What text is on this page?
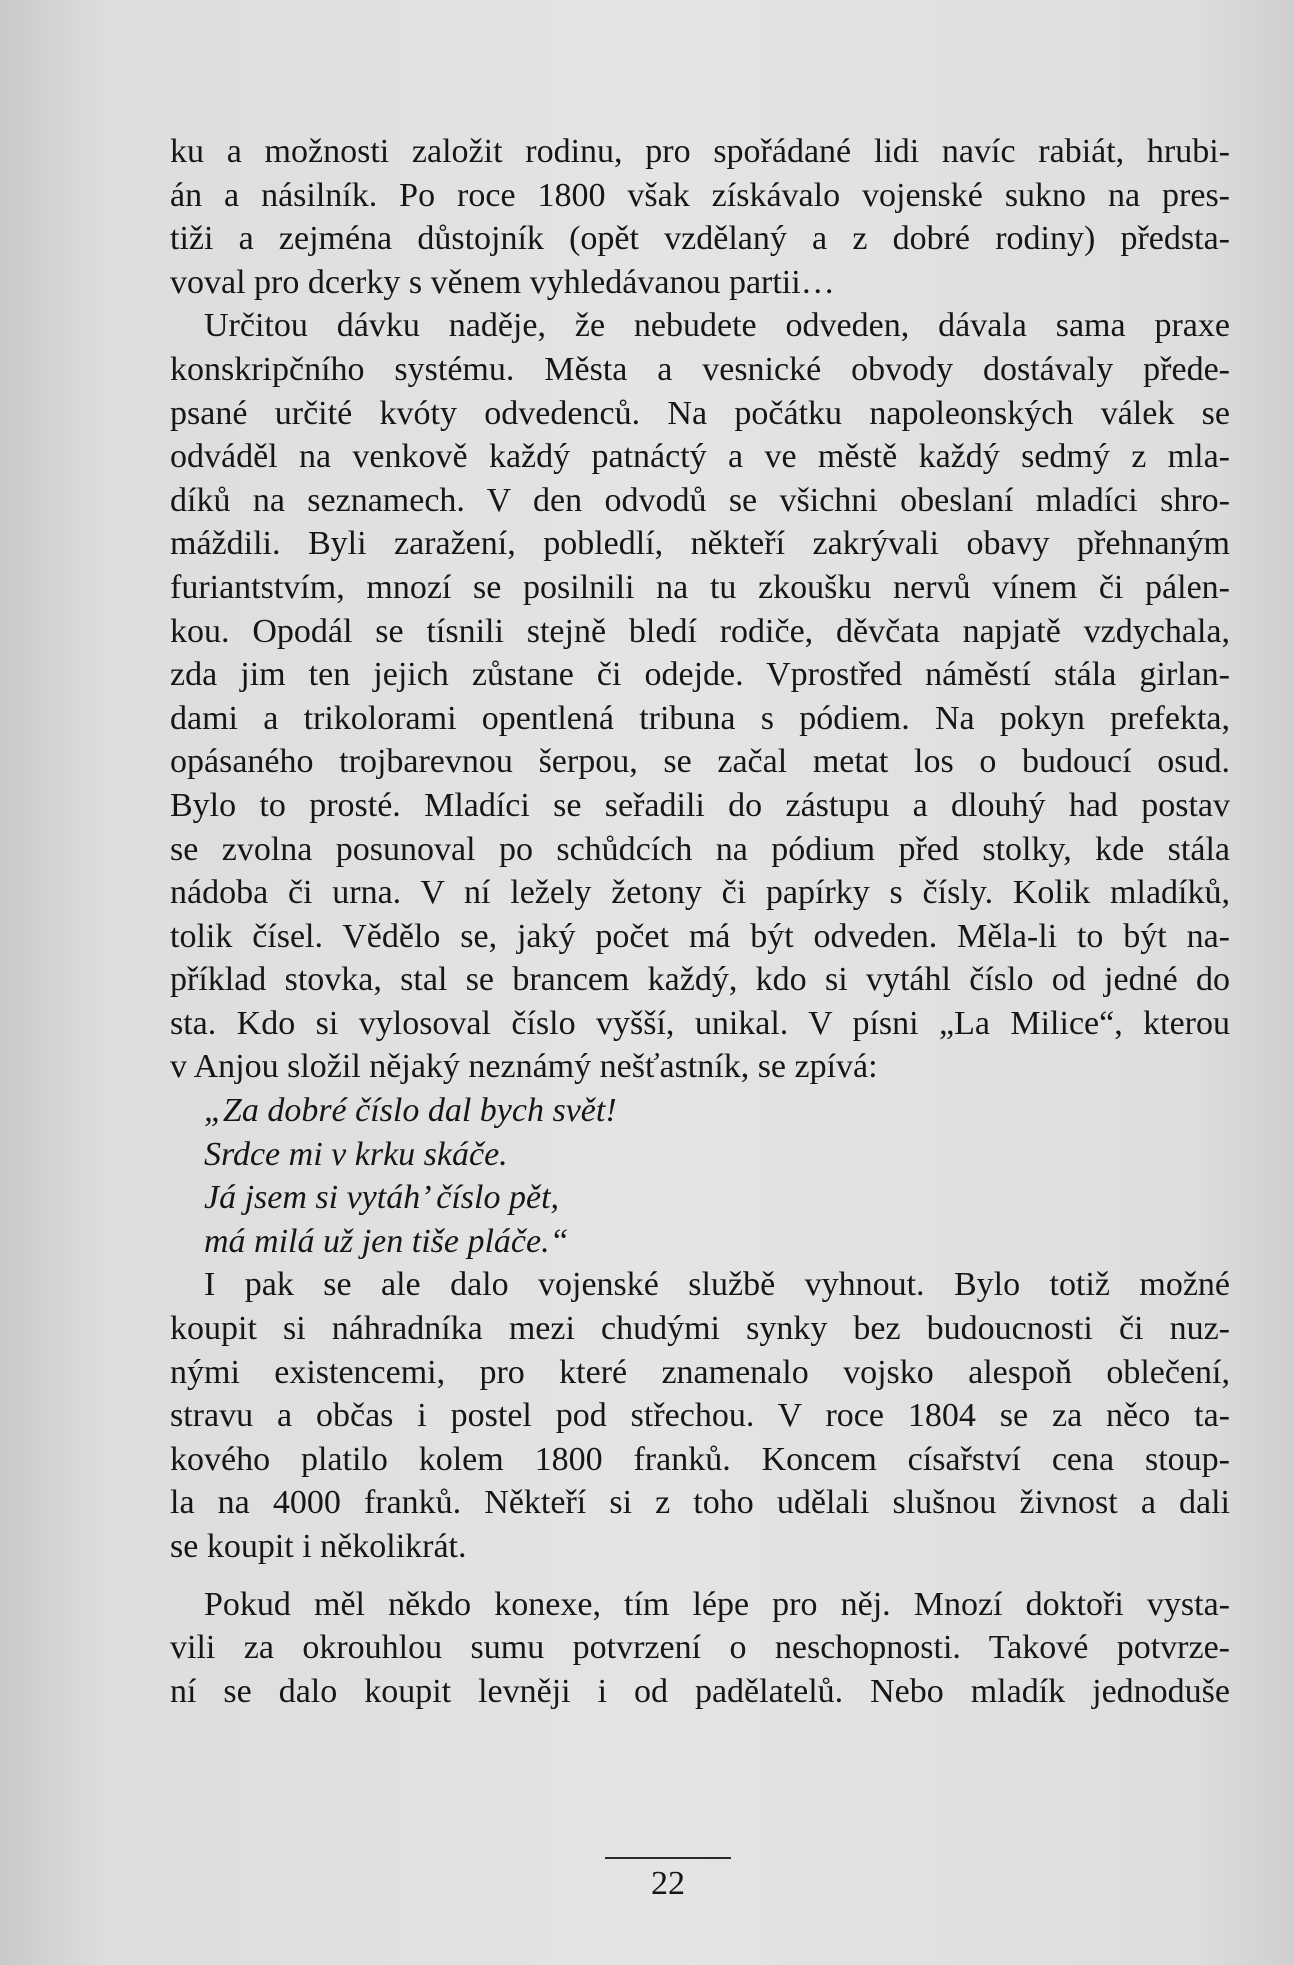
ku a možnosti založit rodinu, pro spořádané lidi navíc rabiát, hrubi-
án a násilník. Po roce 1800 však získávalo vojenské sukno na pres-
tiži a zejména důstojník (opět vzdělaný a z dobré rodiny) předsta-
voval pro dcerky s věnem vyhledávanou partii…
Určitou dávku naděje, že nebudete odveden, dávala sama praxe
konskripčního systému. Města a vesnické obvody dostávaly přede-
psané určité kvóty odvedenců. Na počátku napoleonských válek se
odváděl na venkově každý patnáctý a ve městě každý sedmý z mla-
díků na seznamech. V den odvodů se všichni obeslaní mladíci shro-
máždili. Byli zaražení, pobledlí, někteří zakrývali obavy přehnaným
furiantstvím, mnozí se posilnili na tu zkoušku nervů vínem či pálen-
kou. Opodál se tísnili stejně bledí rodiče, děvčata napjatě vzdychala,
zda jim ten jejich zůstane či odejde. Vprostřed náměstí stála girlan-
dami a trikolorami opentlená tribuna s pódiem. Na pokyn prefekta,
opásaného trojbarevnou šerpou, se začal metat los o budoucí osud.
Bylo to prosté. Mladíci se seřadili do zástupu a dlouhý had postav
se zvolna posunoval po schůdcích na pódium před stolky, kde stála
nádoba či urna. V ní ležely žetony či papírky s čísly. Kolik mladíků,
tolik čísel. Vědělo se, jaký počet má být odveden. Měla-li to být na-
příklad stovka, stal se brancem každý, kdo si vytáhl číslo od jedné do
sta. Kdo si vylosoval číslo vyšší, unikal. V písni „La Milice“, kterou
v Anjou složil nějaký neznámý nešťastník, se zpívá:
„Za dobré číslo dal bych svět!
Srdce mi v krku skáče.
Já jsem si vytáh’ číslo pět,
má milá už jen tiše pláče.“
I pak se ale dalo vojenské službě vyhnout. Bylo totiž možné
koupit si náhradníka mezi chudými synky bez budoucnosti či nuz-
nými existencemi, pro které znamenalo vojsko alespoň oblečení,
stravu a občas i postel pod střechou. V roce 1804 se za něco ta-
kového platilo kolem 1800 franků. Koncem císařství cena stoup-
la na 4000 franků. Někteří si z toho udělali slušnou živnost a dali
se koupit i několikrát.
Pokud měl někdo konexe, tím lépe pro něj. Mnozí doktoři vysta-
vili za okrouhlou sumu potvrzení o neschopnosti. Takové potvrze-
ní se dalo koupit levněji i od padělatelů. Nebo mladík jednoduše
22
